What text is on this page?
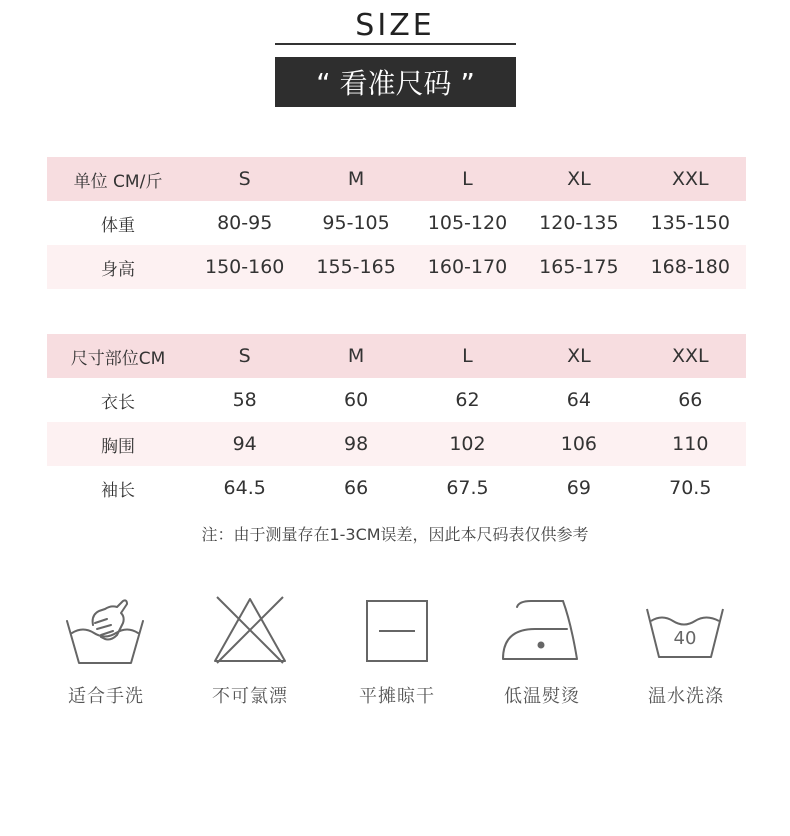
SIZE
“ 看准尺码 ”
单位 CM/斤	S	M	L	XL	XXL
体重	80-95	95-105	105-120	120-135	135-150
身高	150-160	155-165	160-170	165-175	168-180
尺寸部位CM	S	M	L	XL	XXL
衣长	58	60	62	64	66
胸围	94	98	102	106	110
袖长	64.5	66	67.5	69	70.5
注：由于测量存在1-3CM误差，因此本尺码表仅供参考
适合手洗	不可氯漂	平摊晾干	低温熨烫
40
温水洗涤
